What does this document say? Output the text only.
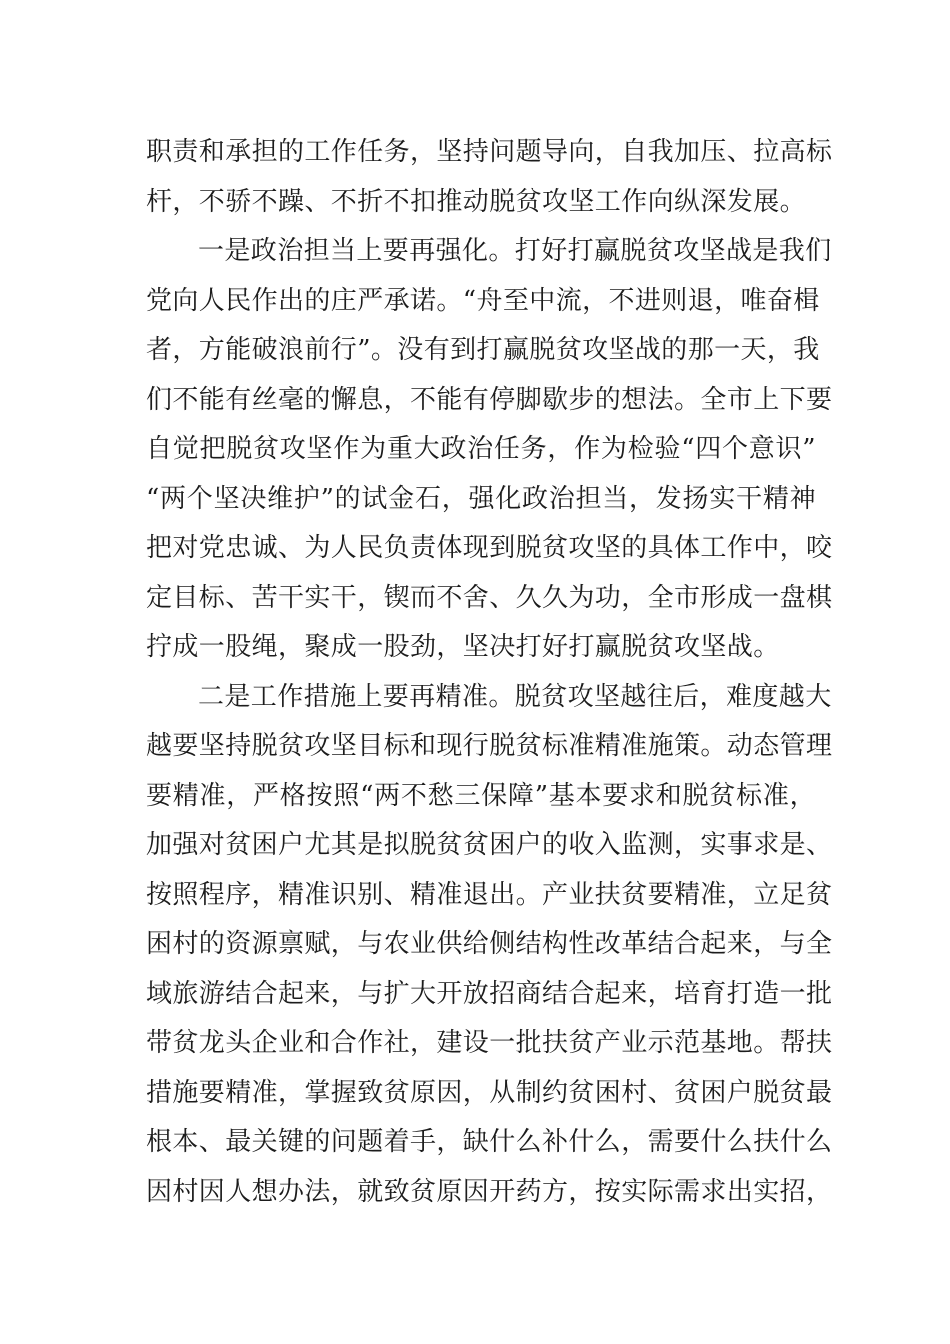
职责和承担的工作任务，坚持问题导向，自我加压、拉高标
杆，不骄不躁、不折不扣推动脱贫攻坚工作向纵深发展。
一是政治担当上要再强化。打好打赢脱贫攻坚战是我们
党向人民作出的庄严承诺。“舟至中流，不进则退，唯奋楫
者，方能破浪前行”。没有到打赢脱贫攻坚战的那一天，我
们不能有丝毫的懈息，不能有停脚歇步的想法。全市上下要
自觉把脱贫攻坚作为重大政治任务，作为检验“四个意识”
“两个坚决维护”的试金石，强化政治担当，发扬实干精神
把对党忠诚、为人民负责体现到脱贫攻坚的具体工作中，咬
定目标、苦干实干，锲而不舍、久久为功，全市形成一盘棋
拧成一股绳，聚成一股劲，坚决打好打赢脱贫攻坚战。
二是工作措施上要再精准。脱贫攻坚越往后，难度越大
越要坚持脱贫攻坚目标和现行脱贫标准精准施策。动态管理
要精准，严格按照“两不愁三保障”基本要求和脱贫标准，
加强对贫困户尤其是拟脱贫贫困户的收入监测，实事求是、
按照程序，精准识别、精准退出。产业扶贫要精准，立足贫
困村的资源禀赋，与农业供给侧结构性改革结合起来，与全
域旅游结合起来，与扩大开放招商结合起来，培育打造一批
带贫龙头企业和合作社，建设一批扶贫产业示范基地。帮扶
措施要精准，掌握致贫原因，从制约贫困村、贫困户脱贫最
根本、最关键的问题着手，缺什么补什么，需要什么扶什么
因村因人想办法，就致贫原因开药方，按实际需求出实招，
